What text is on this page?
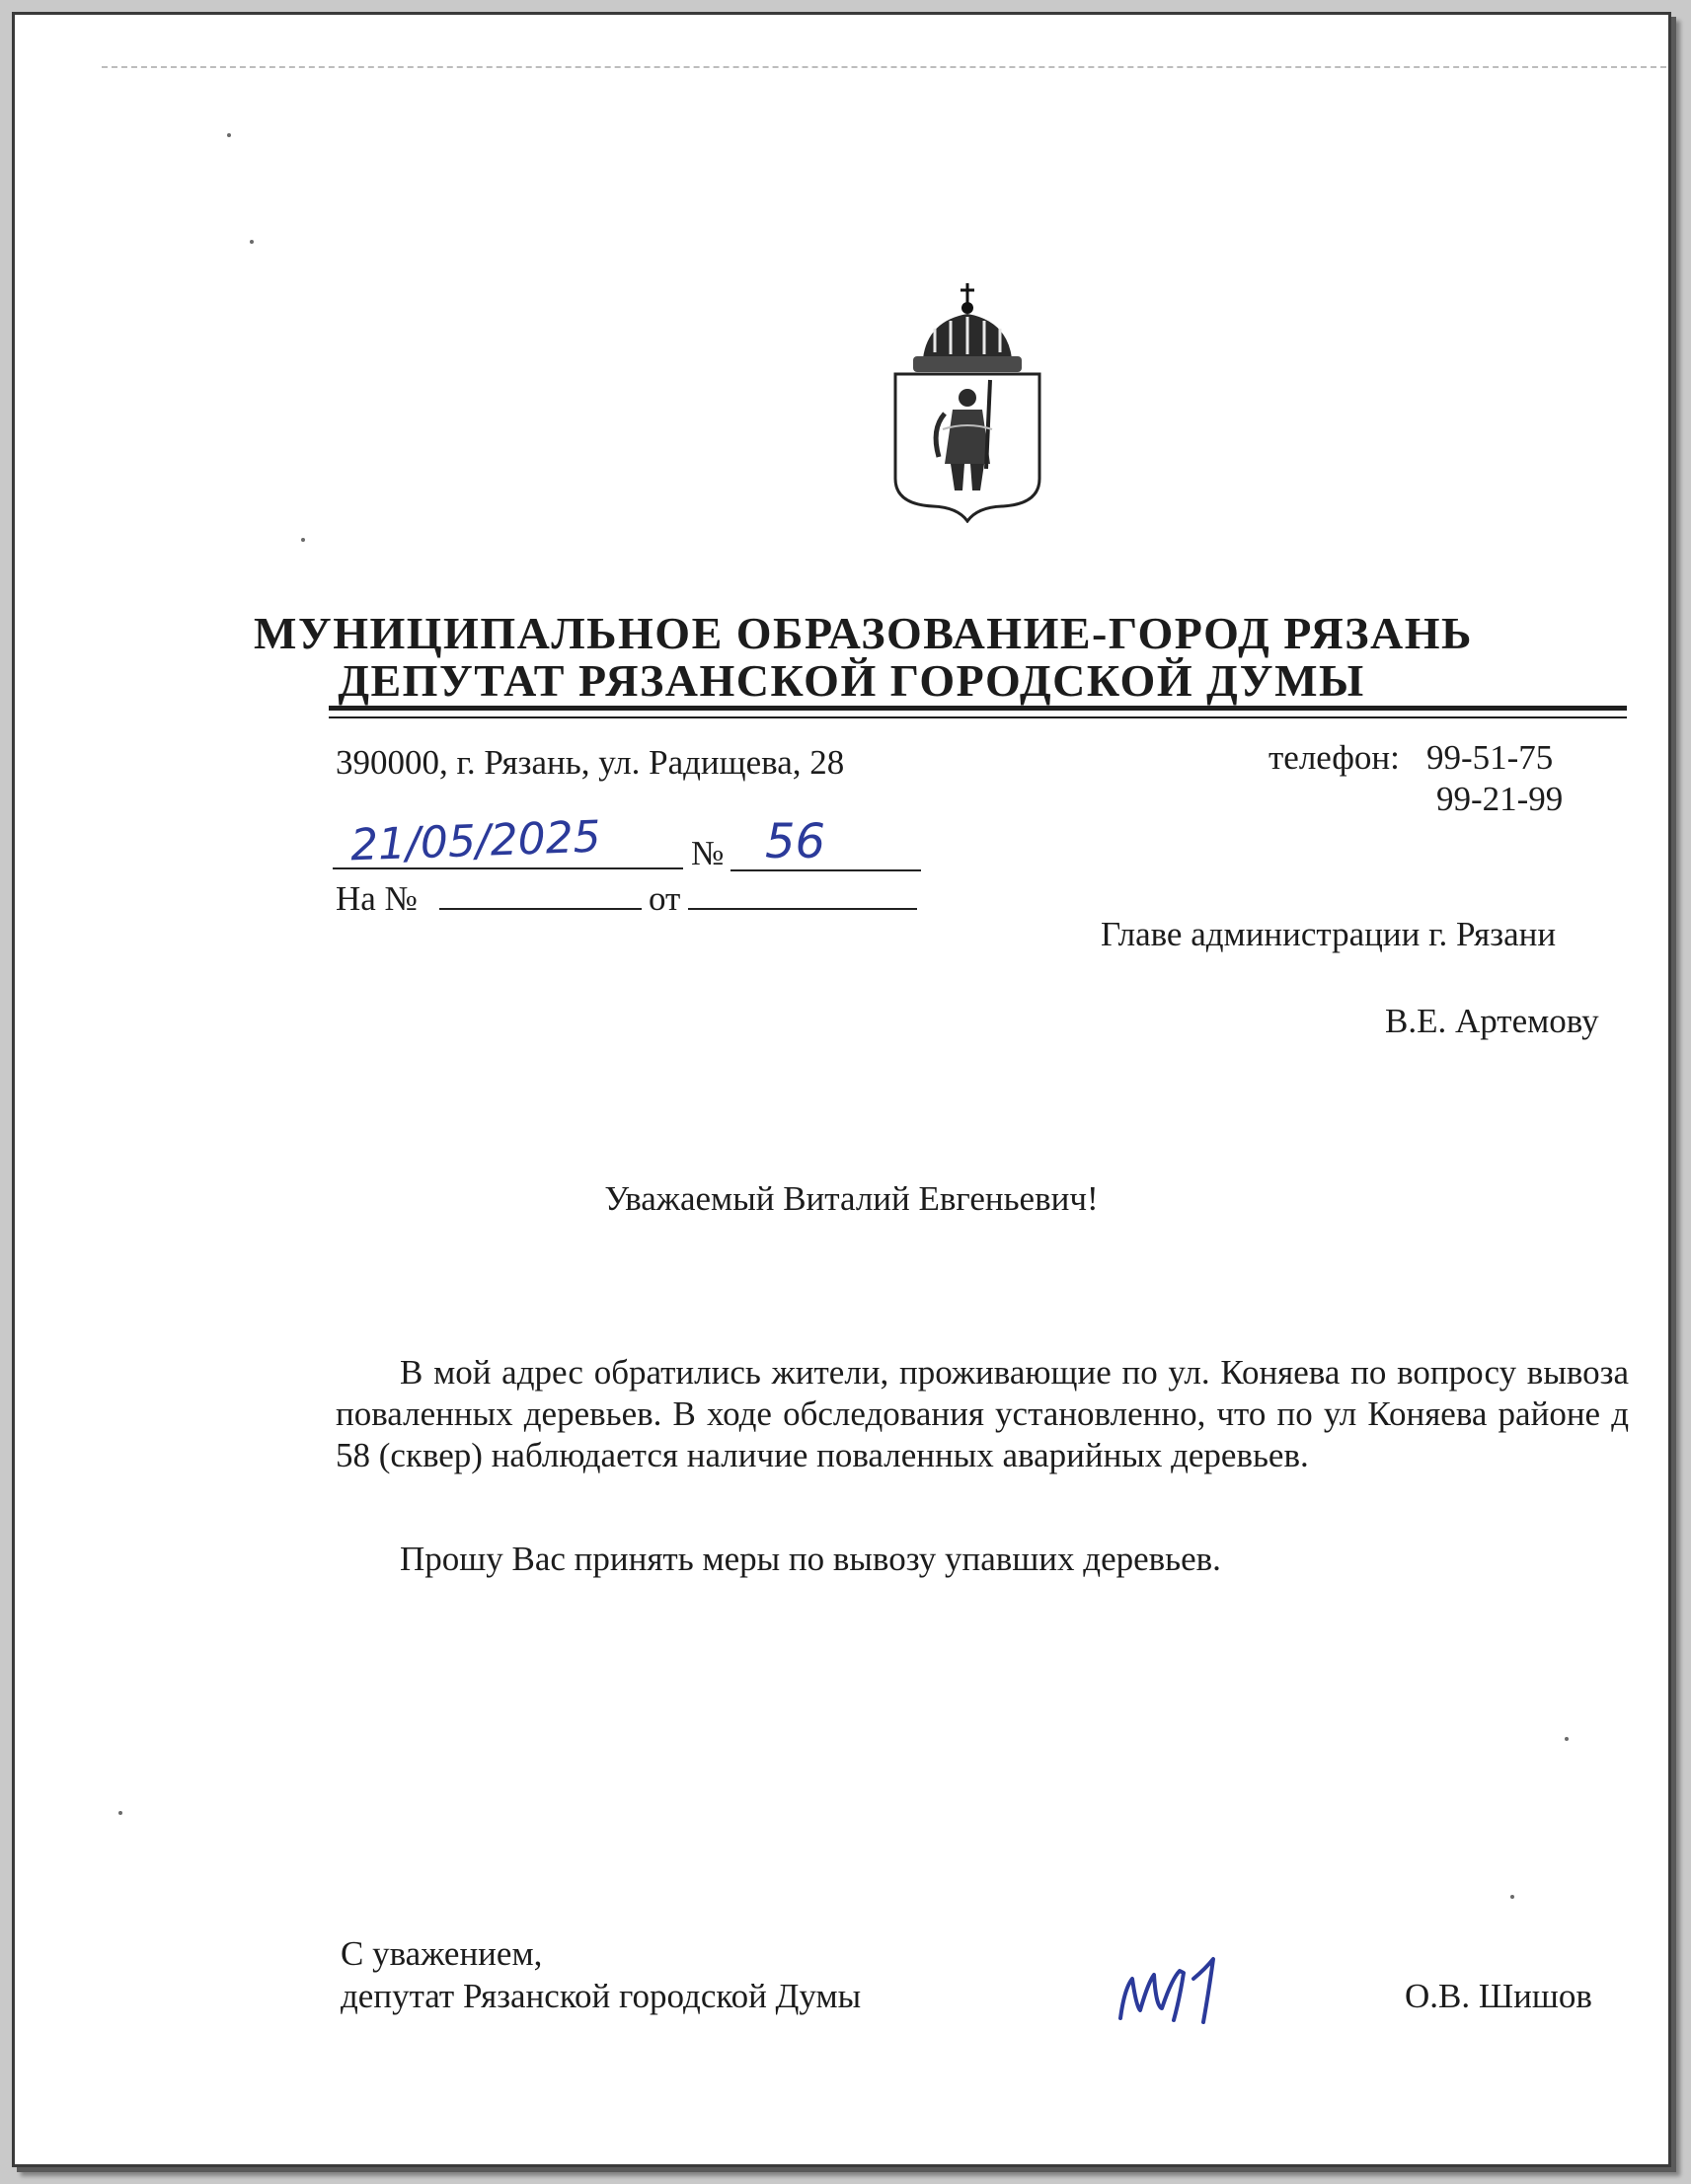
МУНИЦИПАЛЬНОЕ ОБРАЗОВАНИЕ-ГОРОД РЯЗАНЬ
ДЕПУТАТ РЯЗАНСКОЙ ГОРОДСКОЙ ДУМЫ
390000, г. Рязань, ул. Радищева, 28	телефон: 99-51-75
99-21-99
21/05/2025	№ 56
На №	от
Главе администрации г. Рязани
В.Е. Артемову
Уважаемый Виталий Евгеньевич!

В мой адрес обратились жители, проживающие по ул. Коняева по вопросу вывоза поваленных деревьев. В ходе обследования установленно, что по ул Коняева районе д 58 (сквер) наблюдается наличие поваленных аварийных деревьев.

Прошу Вас принять меры по вывозу упавших деревьев.

С уважением,
депутат Рязанской городской Думы	О.В. Шишов
